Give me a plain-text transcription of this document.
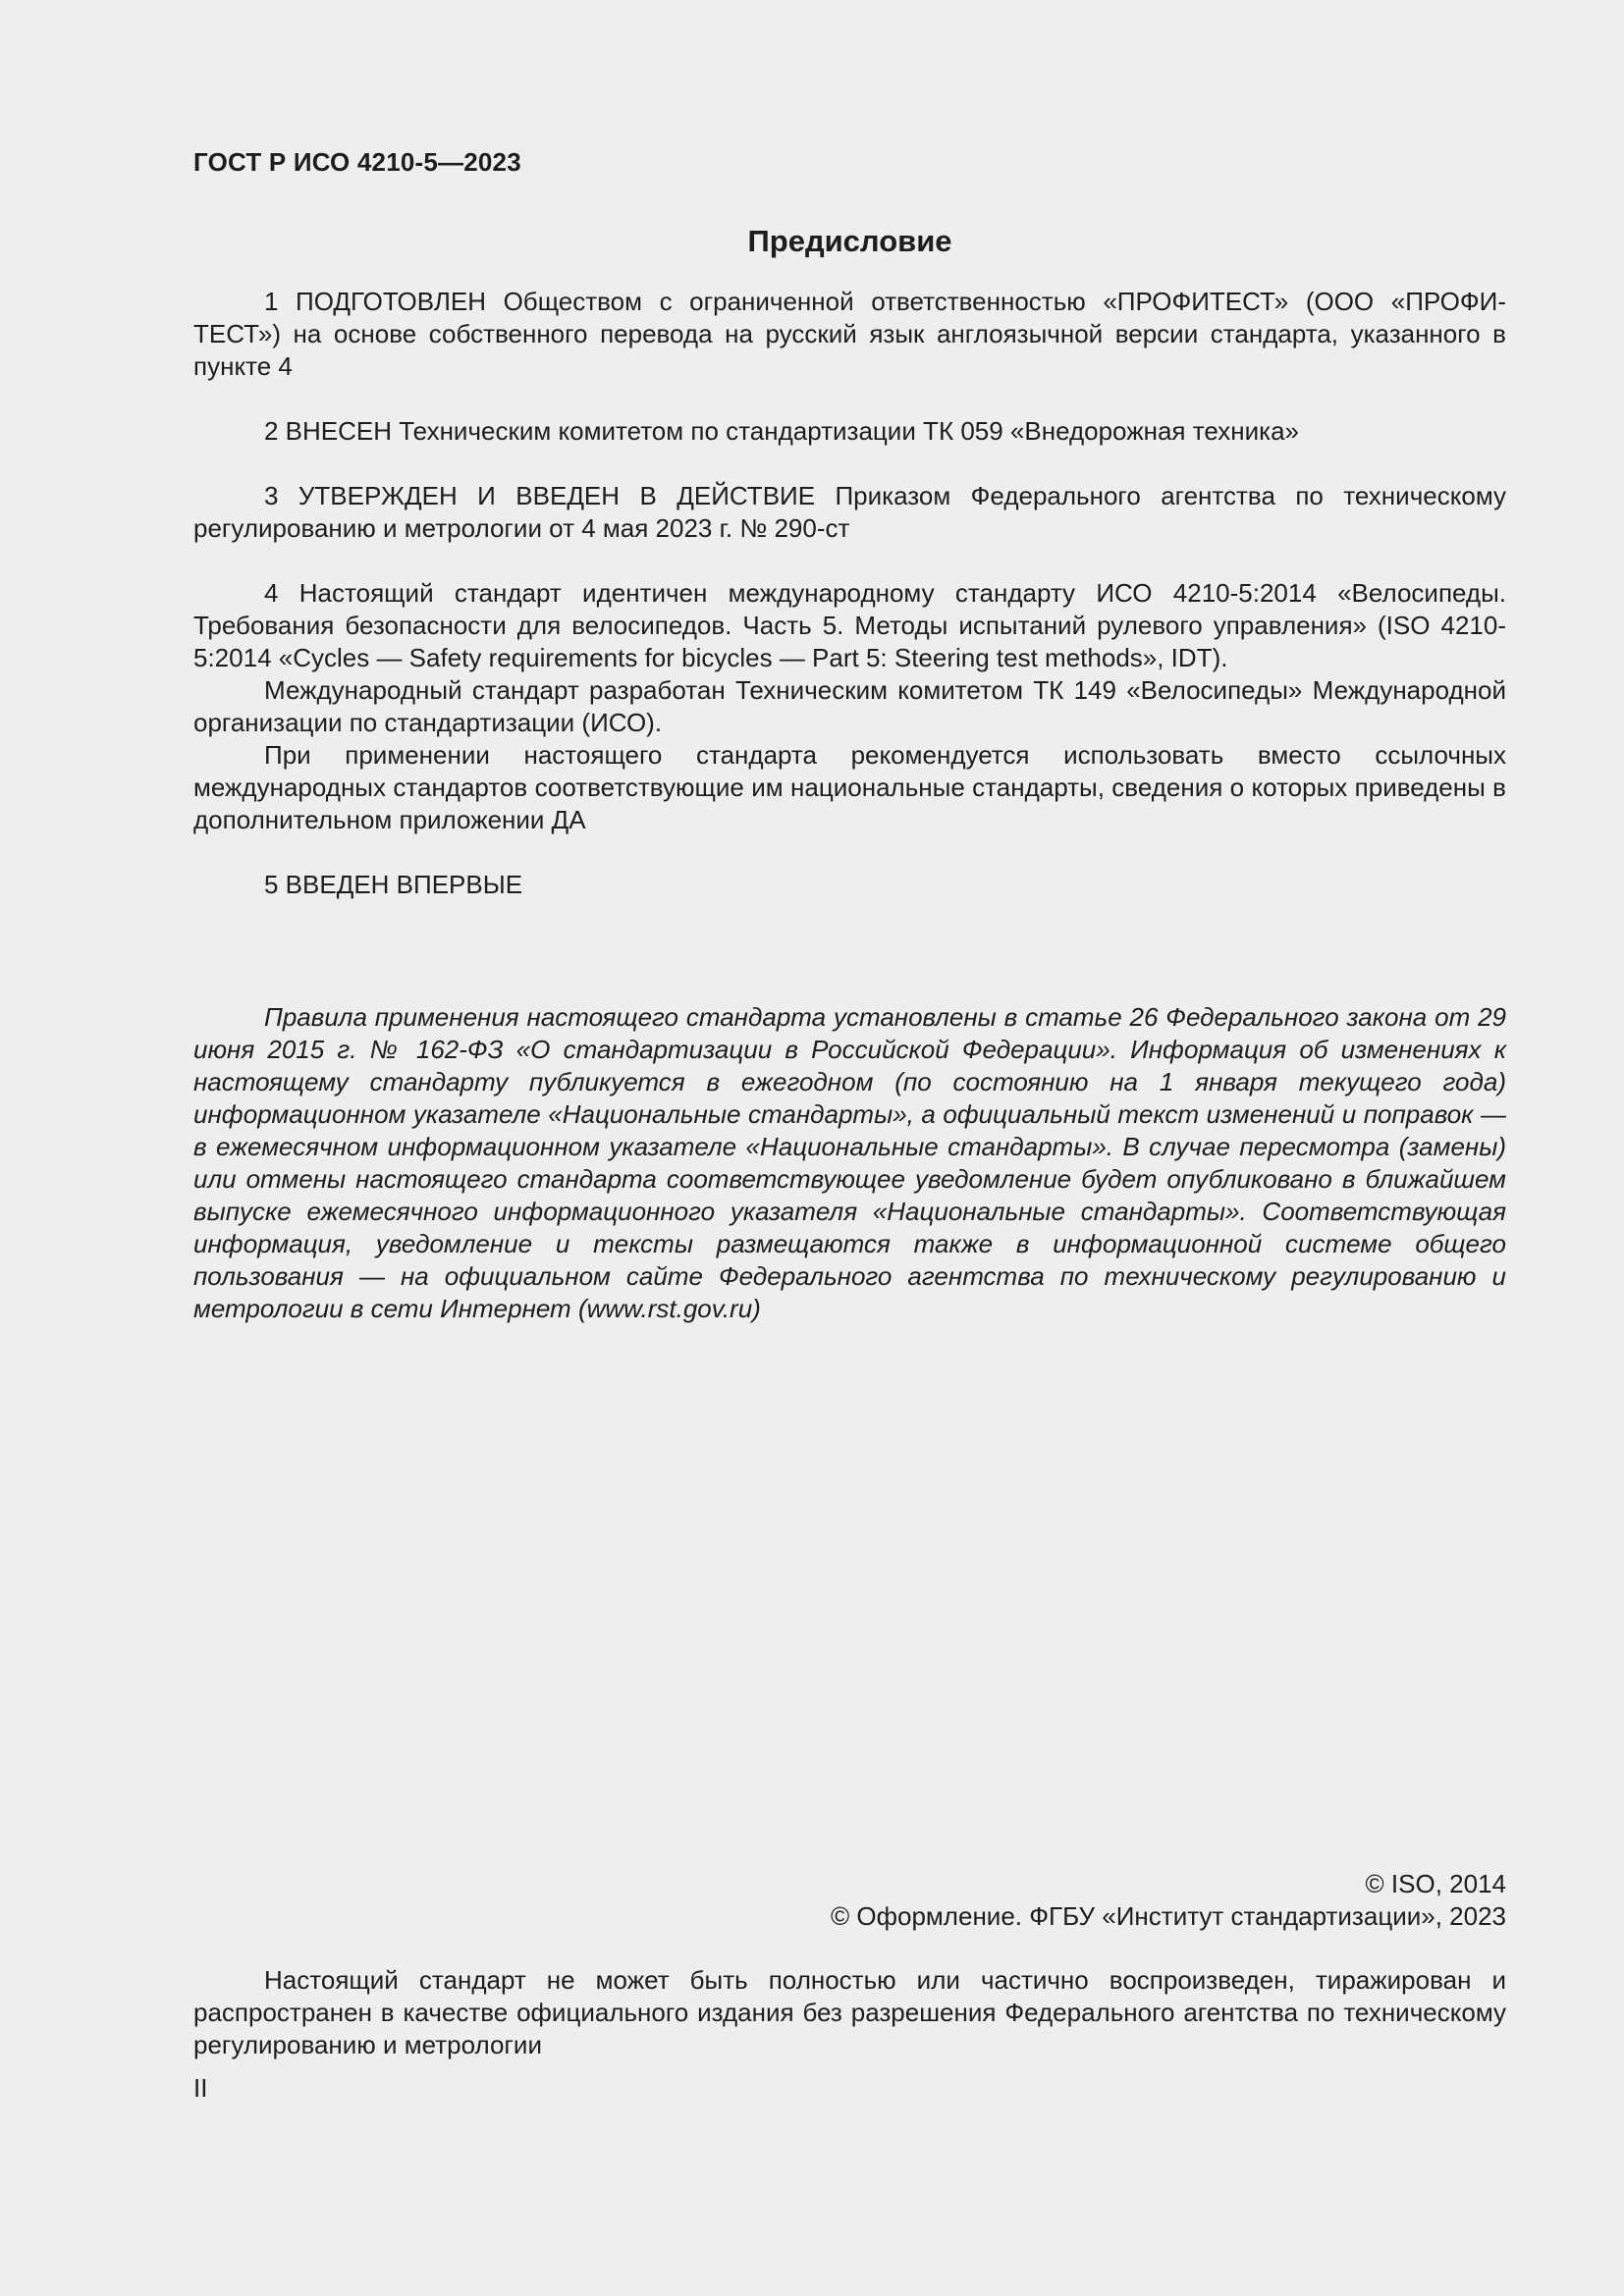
ГОСТ Р ИСО 4210-5—2023
Предисловие

1 ПОДГОТОВЛЕН Обществом с ограниченной ответственностью «ПРОФИТЕСТ» (ООО «ПРОФИ-ТЕСТ») на основе собственного перевода на русский язык англоязычной версии стандарта, указанного в пункте 4

2 ВНЕСЕН Техническим комитетом по стандартизации ТК 059 «Внедорожная техника»

3 УТВЕРЖДЕН И ВВЕДЕН В ДЕЙСТВИЕ Приказом Федерального агентства по техническому регулированию и метрологии от 4 мая 2023 г. № 290-ст

4 Настоящий стандарт идентичен международному стандарту ИСО 4210-5:2014 «Велосипеды. Требования безопасности для велосипедов. Часть 5. Методы испытаний рулевого управления» (ISO 4210-5:2014 «Cycles — Safety requirements for bicycles — Part 5: Steering test methods», IDT).

Международный стандарт разработан Техническим комитетом ТК 149 «Велосипеды» Международной организации по стандартизации (ИСО).

При применении настоящего стандарта рекомендуется использовать вместо ссылочных международных стандартов соответствующие им национальные стандарты, сведения о которых приведены в дополнительном приложении ДА

5 ВВЕДЕН ВПЕРВЫЕ

Правила применения настоящего стандарта установлены в статье 26 Федерального закона от 29 июня 2015 г. № 162-ФЗ «О стандартизации в Российской Федерации». Информация об изменениях к настоящему стандарту публикуется в ежегодном (по состоянию на 1 января текущего года) информационном указателе «Национальные стандарты», а официальный текст изменений и поправок — в ежемесячном информационном указателе «Национальные стандарты». В случае пересмотра (замены) или отмены настоящего стандарта соответствующее уведомление будет опубликовано в ближайшем выпуске ежемесячного информационного указателя «Национальные стандарты». Соответствующая информация, уведомление и тексты размещаются также в информационной системе общего пользования — на официальном сайте Федерального агентства по техническому регулированию и метрологии в сети Интернет (www.rst.gov.ru)

© ISO, 2014
© Оформление. ФГБУ «Институт стандартизации», 2023

Настоящий стандарт не может быть полностью или частично воспроизведен, тиражирован и распространен в качестве официального издания без разрешения Федерального агентства по техническому регулированию и метрологии

II
